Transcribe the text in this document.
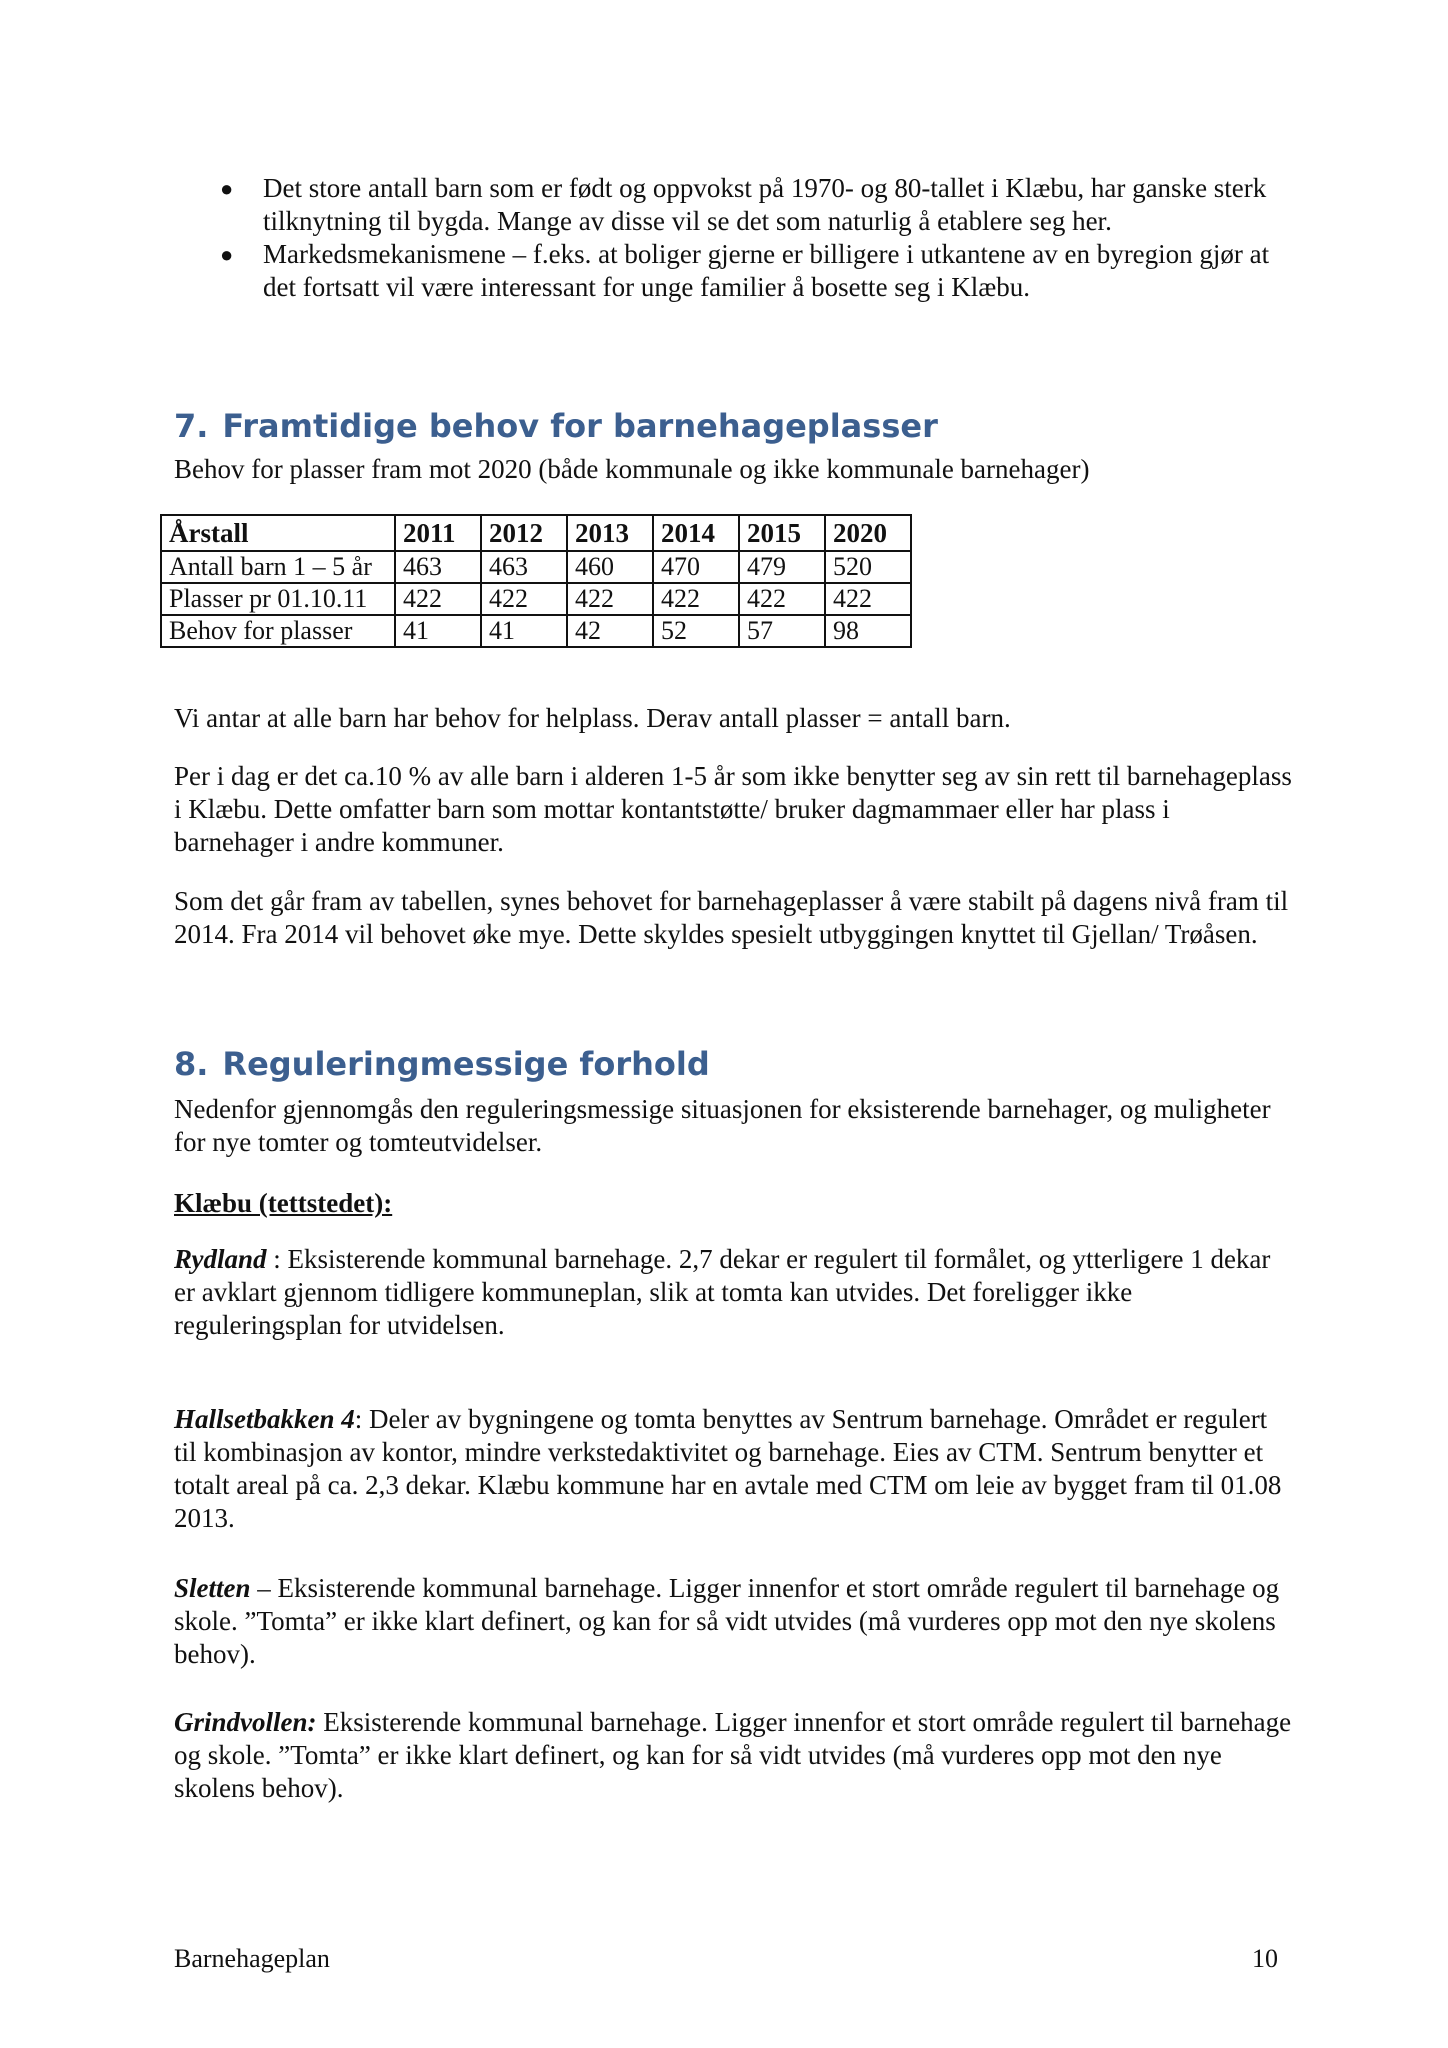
● Det store antall barn som er født og oppvokst på 1970- og 80-tallet i Klæbu, har ganske sterk tilknytning til bygda. Mange av disse vil se det som naturlig å etablere seg her.
● Markedsmekanismene – f.eks. at boliger gjerne er billigere i utkantene av en byregion gjør at det fortsatt vil være interessant for unge familier å bosette seg i Klæbu.
7. Framtidige behov for barnehageplasser

Behov for plasser fram mot 2020 (både kommunale og ikke kommunale barnehager)

Årstall	2011	2012	2013	2014	2015	2020
Antall barn 1 – 5 år	463	463	460	470	479	520
Plasser pr 01.10.11	422	422	422	422	422	422
Behov for plasser	41	41	42	52	57	98

Vi antar at alle barn har behov for helplass. Derav antall plasser = antall barn.

Per i dag er det ca.10 % av alle barn i alderen 1-5 år som ikke benytter seg av sin rett til barnehageplass i Klæbu. Dette omfatter barn som mottar kontantstøtte/ bruker dagmammaer eller har plass i barnehager i andre kommuner.

Som det går fram av tabellen, synes behovet for barnehageplasser å være stabilt på dagens nivå fram til 2014. Fra 2014 vil behovet øke mye. Dette skyldes spesielt utbyggingen knyttet til Gjellan/ Trøåsen.

8. Reguleringmessige forhold

Nedenfor gjennomgås den reguleringsmessige situasjonen for eksisterende barnehager, og muligheter for nye tomter og tomteutvidelser.

Klæbu (tettstedet):

Rydland : Eksisterende kommunal barnehage. 2,7 dekar er regulert til formålet, og ytterligere 1 dekar er avklart gjennom tidligere kommuneplan, slik at tomta kan utvides. Det foreligger ikke reguleringsplan for utvidelsen.

Hallsetbakken 4: Deler av bygningene og tomta benyttes av Sentrum barnehage. Området er regulert til kombinasjon av kontor, mindre verkstedaktivitet og barnehage. Eies av CTM. Sentrum benytter et totalt areal på ca. 2,3 dekar. Klæbu kommune har en avtale med CTM om leie av bygget fram til 01.08 2013.

Sletten – Eksisterende kommunal barnehage. Ligger innenfor et stort område regulert til barnehage og skole. ”Tomta” er ikke klart definert, og kan for så vidt utvides (må vurderes opp mot den nye skolens behov).

Grindvollen: Eksisterende kommunal barnehage. Ligger innenfor et stort område regulert til barnehage og skole. ”Tomta” er ikke klart definert, og kan for så vidt utvides (må vurderes opp mot den nye skolens behov).

Barnehageplan	10
